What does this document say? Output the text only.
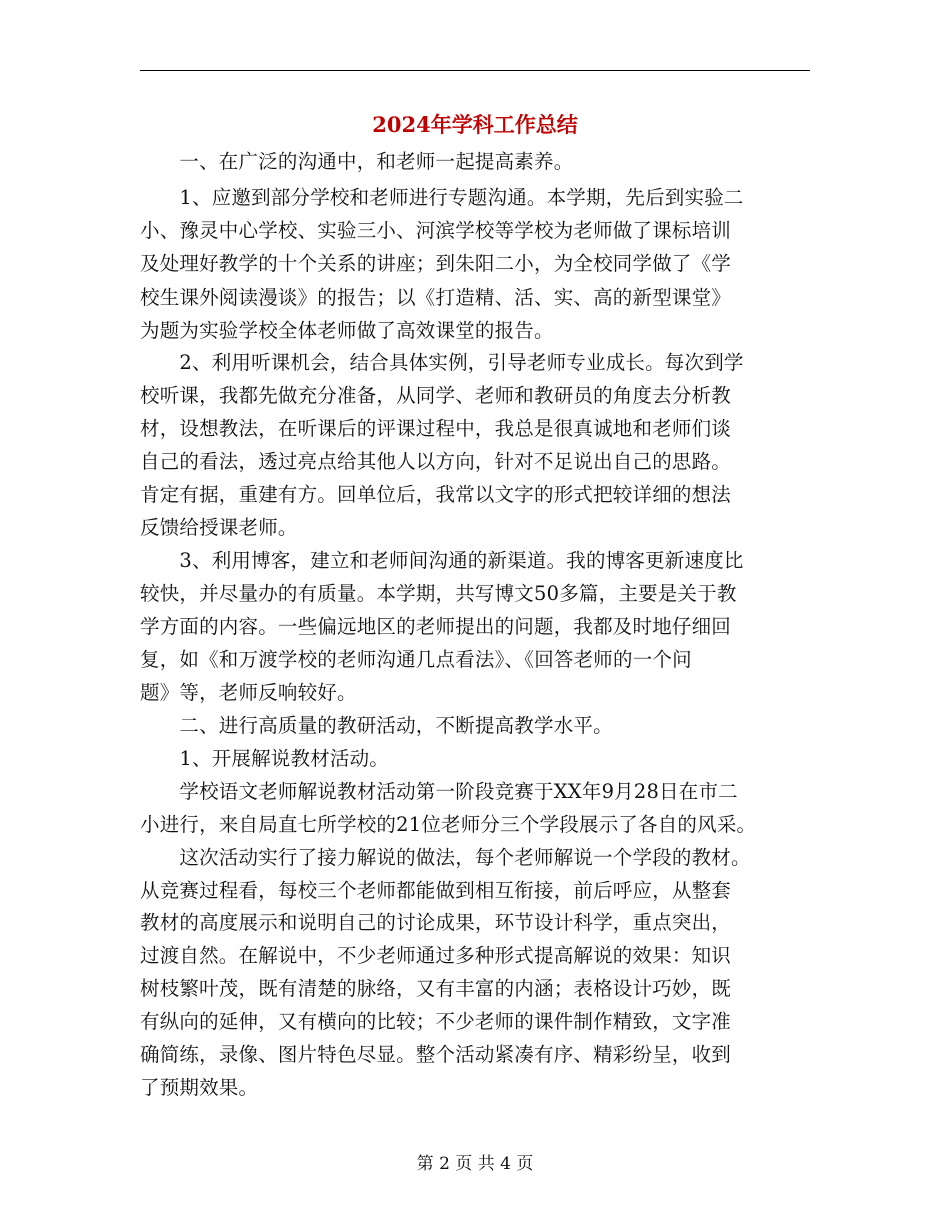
2024年学科工作总结
　　一、在广泛的沟通中，和老师一起提高素养。
　　1、应邀到部分学校和老师进行专题沟通。本学期，先后到实验二
小、豫灵中心学校、实验三小、河滨学校等学校为老师做了课标培训
及处理好教学的十个关系的讲座；到朱阳二小，为全校同学做了《学
校生课外阅读漫谈》的报告；以《打造精、活、实、高的新型课堂》
为题为实验学校全体老师做了高效课堂的报告。
　　2、利用听课机会，结合具体实例，引导老师专业成长。每次到学
校听课，我都先做充分准备，从同学、老师和教研员的角度去分析教
材，设想教法，在听课后的评课过程中，我总是很真诚地和老师们谈
自己的看法，透过亮点给其他人以方向，针对不足说出自己的思路。
肯定有据，重建有方。回单位后，我常以文字的形式把较详细的想法
反馈给授课老师。
　　3、利用博客，建立和老师间沟通的新渠道。我的博客更新速度比
较快，并尽量办的有质量。本学期，共写博文50多篇，主要是关于教
学方面的内容。一些偏远地区的老师提出的问题，我都及时地仔细回
复，如《和万渡学校的老师沟通几点看法》、《回答老师的一个问
题》等，老师反响较好。
　　二、进行高质量的教研活动，不断提高教学水平。
　　1、开展解说教材活动。
　　学校语文老师解说教材活动第一阶段竞赛于XX年9月28日在市二
小进行，来自局直七所学校的21位老师分三个学段展示了各自的风采。
　　这次活动实行了接力解说的做法，每个老师解说一个学段的教材。
从竞赛过程看，每校三个老师都能做到相互衔接，前后呼应，从整套
教材的高度展示和说明自己的讨论成果，环节设计科学，重点突出，
过渡自然。在解说中，不少老师通过多种形式提高解说的效果：知识
树枝繁叶茂，既有清楚的脉络，又有丰富的内涵；表格设计巧妙，既
有纵向的延伸，又有横向的比较；不少老师的课件制作精致，文字准
确简练，录像、图片特色尽显。整个活动紧凑有序、精彩纷呈，收到
了预期效果。
第 2 页 共 4 页
